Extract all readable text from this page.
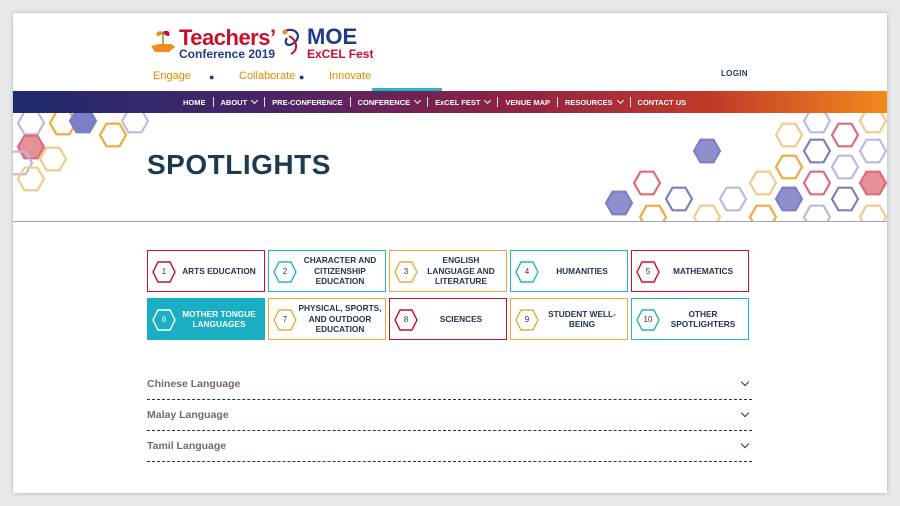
Teachers’
Conference 2019
MOE
ExCEL Fest
Engage ● Collaborate ● Innovate	LOGIN
HOME ABOUT	PRE-CONFERENCE CONFERENCE	ExCEL FEST	VENUE MAP RESOURCES	CONTACT US
SPOTLIGHTS
1	ARTS EDUCATION	2
CHARACTER AND CITIZENSHIP EDUCATION
3
ENGLISH LANGUAGE AND LITERATURE
4	HUMANITIES	5	MATHEMATICS
6
MOTHER TONGUE LANGUAGES	7
PHYSICAL, SPORTS, AND OUTDOOR EDUCATION
8	SCIENCES	9
STUDENT WELL-BEING	10
OTHER SPOTLIGHTERS
Chinese Language
Malay Language
Tamil Language
